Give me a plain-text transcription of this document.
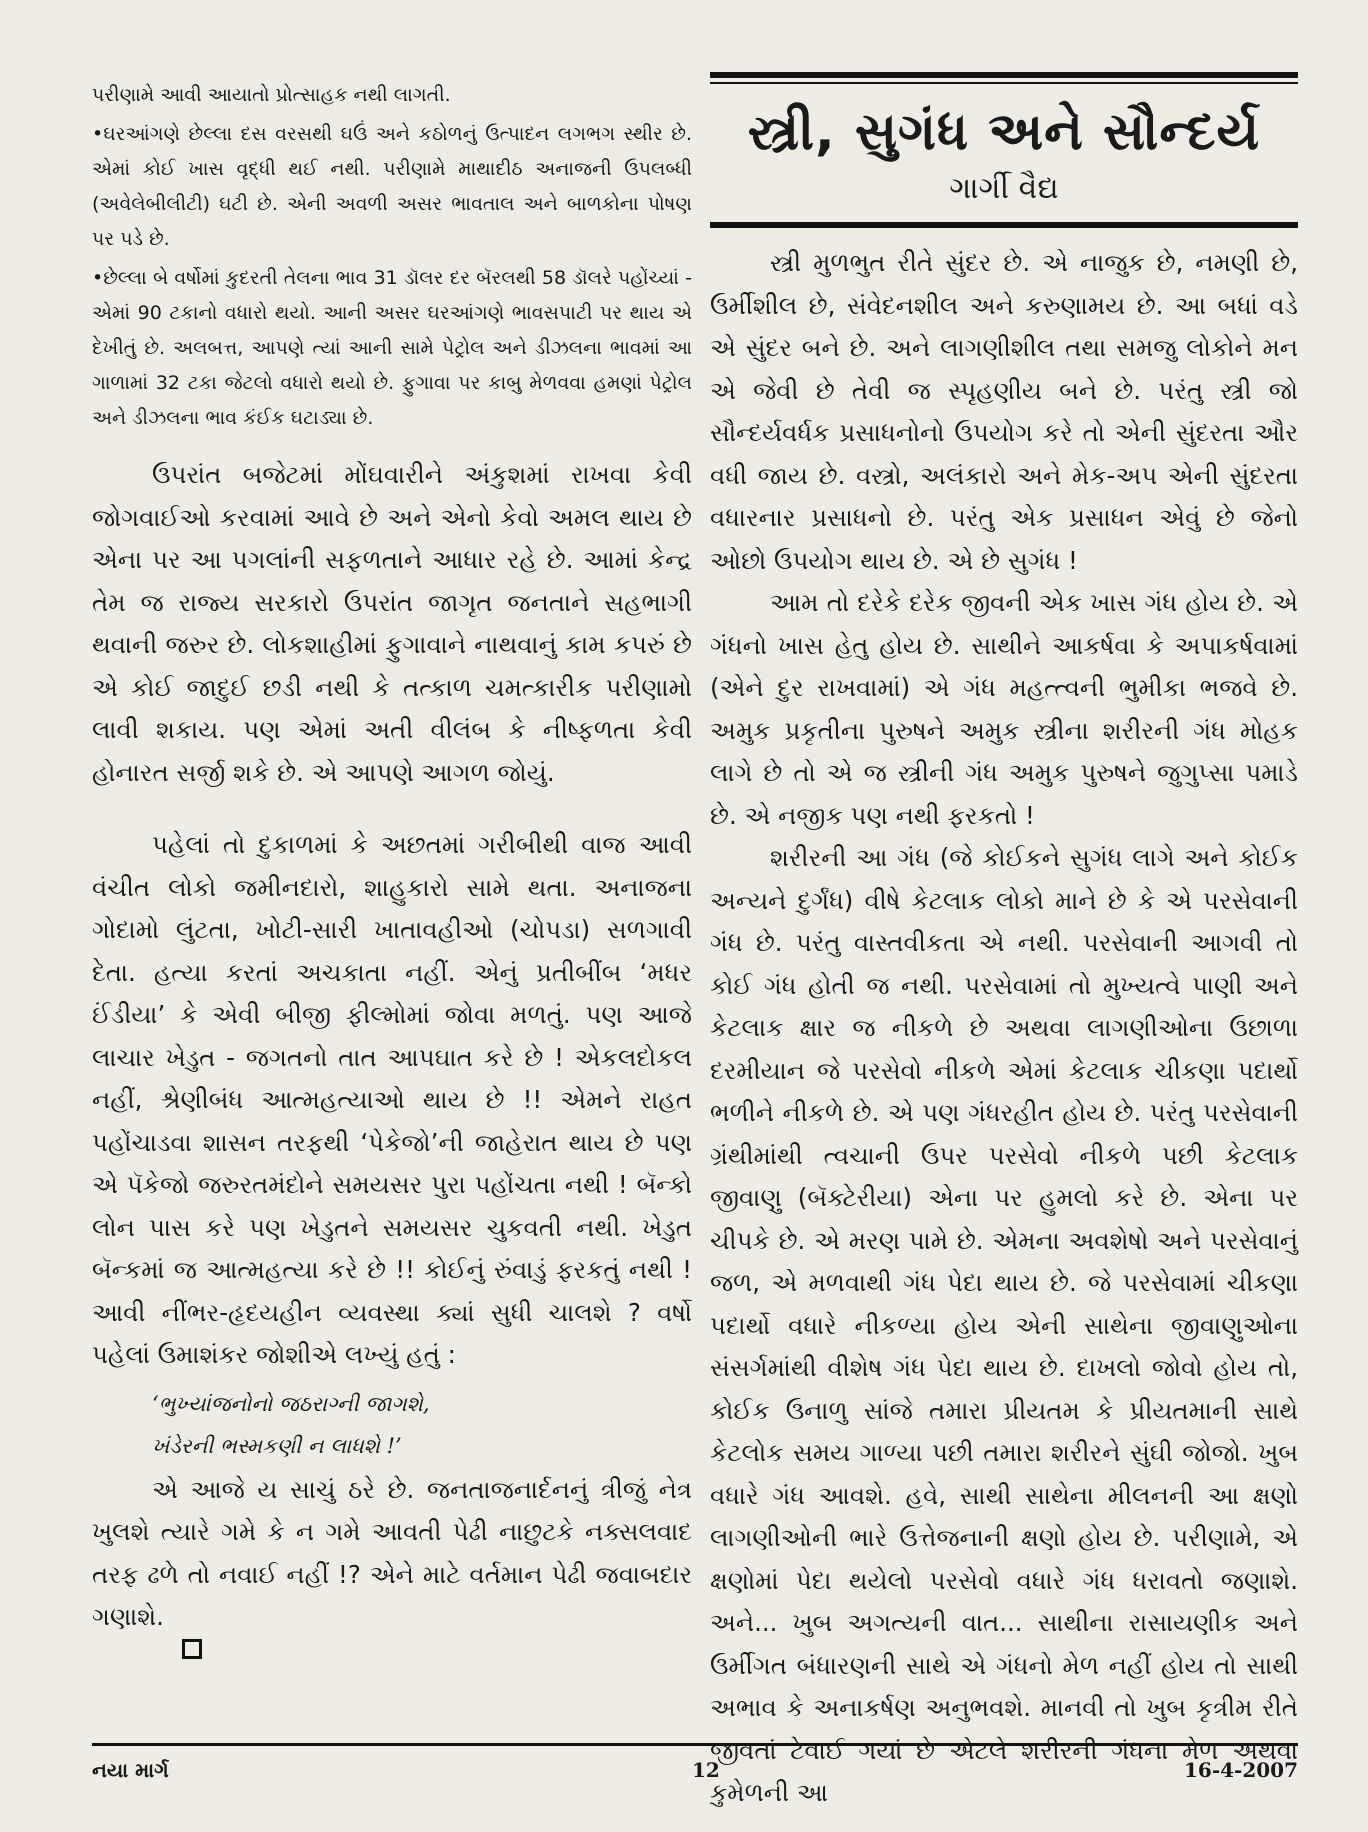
પરીણામે આવી આયાતો પ્રોત્સાહક નથી લાગતી.

• ઘરઆંગણે છેલ્લા દસ વરસથી ઘઉં અને કઠોળનું ઉત્પાદન લગભગ સ્થીર છે. એમાં કોઈ ખાસ વૃદ્ધી થઈ નથી. પરીણામે માથાદીઠ અનાજની ઉપલબ્ધી (અવેલેબીલીટી) ઘટી છે. એની અવળી અસર ભાવતાલ અને બાળકોના પોષણ પર પડે છે.

• છેલ્લા બે વર્ષોમાં કુદરતી તેલના ભાવ 31 ડૉલર દર બૅરલથી 58 ડૉલરે પહોંચ્યાં - એમાં 90 ટકાનો વધારો થયો. આની અસર ઘરઆંગણે ભાવસપાટી પર થાય એ દેખીતું છે. અલબત્ત, આપણે ત્યાં આની સામે પેટ્રોલ અને ડીઝલના ભાવમાં આ ગાળામાં 32 ટકા જેટલો વધારો થયો છે. ફુગાવા પર કાબુ મેળવવા હમણાં પેટ્રોલ અને ડીઝલના ભાવ કંઈક ઘટાડ્યા છે.

ઉપરાંત બજેટમાં મોંઘવારીને અંકુશમાં રાખવા કેવી જોગવાઈઓ કરવામાં આવે છે અને એનો કેવો અમલ થાય છે એના પર આ પગલાંની સફળતાને આધાર રહે છે. આમાં કેન્દ્ર તેમ જ રાજ્ય સરકારો ઉપરાંત જાગૃત જનતાને સહભાગી થવાની જરુર છે. લોકશાહીમાં ફુગાવાને નાથવાનું કામ કપરું છે એ કોઈ જાદુઈ છડી નથી કે તત્કાળ ચમત્કારીક પરીણામો લાવી શકાય. પણ એમાં અતી વીલંબ કે નીષ્ફળતા કેવી હોનારત સર્જી શકે છે. એ આપણે આગળ જોયું.

પહેલાં તો દુકાળમાં કે અછતમાં ગરીબીથી વાજ આવી વંચીત લોકો જમીનદારો, શાહુકારો સામે થતા. અનાજના ગોદામો લુંટતા, ખોટી-સારી ખાતાવહીઓ (ચોપડા) સળગાવી દેતા. હત્યા કરતાં અચકાતા નહીં. એનું પ્રતીબીંબ ‘મધર ઈંડીયા’ કે એવી બીજી ફીલ્મોમાં જોવા મળતું. પણ આજે લાચાર ખેડુત - જગતનો તાત આપઘાત કરે છે ! એકલદોકલ નહીં, શ્રેણીબંધ આત્મહત્યાઓ થાય છે !! એમને રાહત પહોંચાડવા શાસન તરફથી ‘પેકેજો’ની જાહેરાત થાય છે પણ એ પૅકેજો જરુરતમંદોને સમયસર પુરા પહોંચતા નથી ! બૅન્કો લોન પાસ કરે પણ ખેડુતને સમયસર ચુકવતી નથી. ખેડુત બૅન્કમાં જ આત્મહત્યા કરે છે !! કોઈનું રુંવાડું ફરકતું નથી ! આવી નીંભર-હૃદયહીન વ્યવસ્થા ક્યાં સુધી ચાલશે ? વર્ષો પહેલાં ઉમાશંકર જોશીએ લખ્યું હતું :

‘ભુખ્યાંજનોનો જઠરાગ્ની જાગશે,
ખંડેરની ભસ્મકણી ન લાધશે !’

એ આજે ય સાચું ઠરે છે. જનતાજનાર્દનનું ત્રીજું નેત્ર ખુલશે ત્યારે ગમે કે ન ગમે આવતી પેઢી નાછુટકે નક્સલવાદ તરફ ઢળે તો નવાઈ નહીં !? એને માટે વર્તમાન પેઢી જવાબદાર ગણાશે.

સ્ત્રી, સુગંધ અને સૌન્દર્ય
ગાર્ગી વૈદ્ય

સ્ત્રી મુળભુત રીતે સુંદર છે. એ નાજુક છે, નમણી છે, ઉર્મીશીલ છે, સંવેદનશીલ અને કરુણામય છે. આ બધાં વડે એ સુંદર બને છે. અને લાગણીશીલ તથા સમજુ લોકોને મન એ જેવી છે તેવી જ સ્પૃહણીય બને છે. પરંતુ સ્ત્રી જો સૌન્દર્યવર્ધક પ્રસાધનોનો ઉપયોગ કરે તો એની સુંદરતા ઔર વધી જાય છે. વસ્ત્રો, અલંકારો અને મેક-અપ એની સુંદરતા વધારનાર પ્રસાધનો છે. પરંતુ એક પ્રસાધન એવું છે જેનો ઓછો ઉપયોગ થાય છે. એ છે સુગંધ !

આમ તો દરેકે દરેક જીવની એક ખાસ ગંધ હોય છે. એ ગંધનો ખાસ હેતુ હોય છે. સાથીને આકર્ષવા કે અપાકર્ષવામાં (એને દુર રાખવામાં) એ ગંધ મહત્ત્વની ભુમીકા ભજવે છે. અમુક પ્રકૃતીના પુરુષને અમુક સ્ત્રીના શરીરની ગંધ મોહક લાગે છે તો એ જ સ્ત્રીની ગંધ અમુક પુરુષને જુગુપ્સા પમાડે છે. એ નજીક પણ નથી ફરકતો !

શરીરની આ ગંધ (જે કોઈકને સુગંધ લાગે અને કોઈક અન્યને દુર્ગંધ) વીષે કેટલાક લોકો માને છે કે એ પરસેવાની ગંધ છે. પરંતુ વાસ્તવીકતા એ નથી. પરસેવાની આગવી તો કોઈ ગંધ હોતી જ નથી. પરસેવામાં તો મુખ્યત્વે પાણી અને કેટલાક ક્ષાર જ નીકળે છે અથવા લાગણીઓના ઉછાળા દરમીયાન જે પરસેવો નીકળે એમાં કેટલાક ચીકણા પદાર્થો ભળીને નીકળે છે. એ પણ ગંધરહીત હોય છે. પરંતુ પરસેવાની ગ્રંથીમાંથી ત્વચાની ઉપર પરસેવો નીકળે પછી કેટલાક જીવાણુ (બૅક્ટેરીયા) એના પર હુમલો કરે છે. એના પર ચીપકે છે. એ મરણ પામે છે. એમના અવશેષો અને પરસેવાનું જળ, એ મળવાથી ગંધ પેદા થાય છે. જે પરસેવામાં ચીકણા પદાર્થો વધારે નીકળ્યા હોય એની સાથેના જીવાણુઓના સંસર્ગમાંથી વીશેષ ગંધ પેદા થાય છે. દાખલો જોવો હોય તો, કોઈક ઉનાળુ સાંજે તમારા પ્રીયતમ કે પ્રીયતમાની સાથે કેટલોક સમય ગાળ્યા પછી તમારા શરીરને સુંઘી જોજો. ખુબ વધારે ગંધ આવશે. હવે, સાથી સાથેના મીલનની આ ક્ષણો લાગણીઓની ભારે ઉત્તેજનાની ક્ષણો હોય છે. પરીણામે, એ ક્ષણોમાં પેદા થયેલો પરસેવો વધારે ગંધ ધરાવતો જણાશે. અને... ખુબ અગત્યની વાત... સાથીના રાસાયણીક અને ઉર્મીગત બંધારણની સાથે એ ગંધનો મેળ નહીં હોય તો સાથી અભાવ કે અનાકર્ષણ અનુભવશે. માનવી તો ખુબ કૃત્રીમ રીતે જીવતાં ટેવાઈ ગયાં છે એટલે શરીરની ગંધના મેળ અથવા કુમેળની આ

નયા માર્ગ	12	16-4-2007
